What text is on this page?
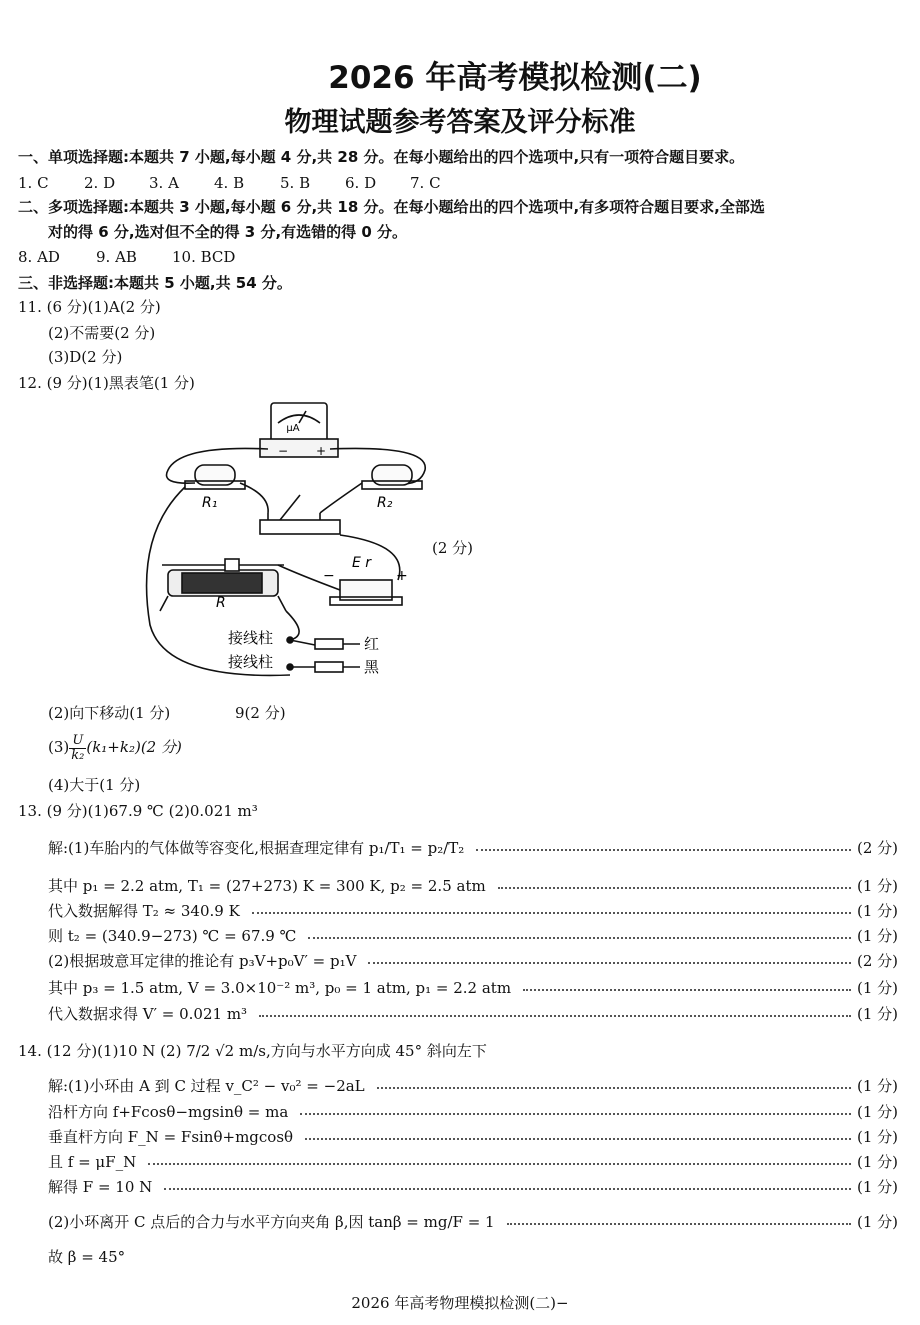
2026 年高考模拟检测(二)
物理试题参考答案及评分标准
一、单项选择题:本题共 7 小题,每小题 4 分,共 28 分。在每小题给出的四个选项中,只有一项符合题目要求。
1. C 2. D 3. A 4. B 5. B 6. D 7. C
二、多项选择题:本题共 3 小题,每小题 6 分,共 18 分。在每小题给出的四个选项中,有多项符合题目要求,全部选
对的得 6 分,选对但不全的得 3 分,有选错的得 0 分。
8. AD 9. AB 10. BCD
三、非选择题:本题共 5 小题,共 54 分。
11. (6 分)(1)A(2 分)
(2)不需要(2 分)
(3)D(2 分)
12. (9 分)(1)黑表笔(1 分)
μA
− +
R₁	R₂
R
E r
−	+
接线柱
接线柱
红
黑
(2 分)
(2)向下移动(1 分)	9(2 分)
$(3) \frac{U}{\text{k₂}} (k_1+k_2)(2$ 分)
(4)大于(1 分)
13. (9 分)(1)67.9 ℃ (2)0.021 m³
解:(1)车胎内的气体做等容变化,根据查理定律有 p₁/T₁ = p₂/T₂	(2 分)
其中 p₁ = 2.2 atm, T₁ = (27+273) K = 300 K, p₂ = 2.5 atm	(1 分)
代入数据解得 T₂ ≈ 340.9 K	(1 分)
则 t₂ = (340.9−273) ℃ = 67.9 ℃	(1 分)
(2)根据玻意耳定律的推论有 p₃V+p₀V′ = p₁V	(2 分)
其中 p₃ = 1.5 atm, V = 3.0×10⁻² m³, p₀ = 1 atm, p₁ = 2.2 atm	(1 分)
代入数据求得 V′ = 0.021 m³	(1 分)
14. (12 分)(1)10 N (2) 7/2 √2 m/s,方向与水平方向成 45° 斜向左下
解:(1)小环由 A 到 C 过程 v_C² − v₀² = −2aL	(1 分)
沿杆方向 f+Fcosθ−mgsinθ = ma	(1 分)
垂直杆方向 F_N = Fsinθ+mgcosθ	(1 分)
且 f = μF_N	(1 分)
解得 F = 10 N	(1 分)
(2)小环离开 C 点后的合力与水平方向夹角 β,因 tanβ = mg/F = 1	(1 分)
故 β = 45°
2026 年高考物理模拟检测(二)−
